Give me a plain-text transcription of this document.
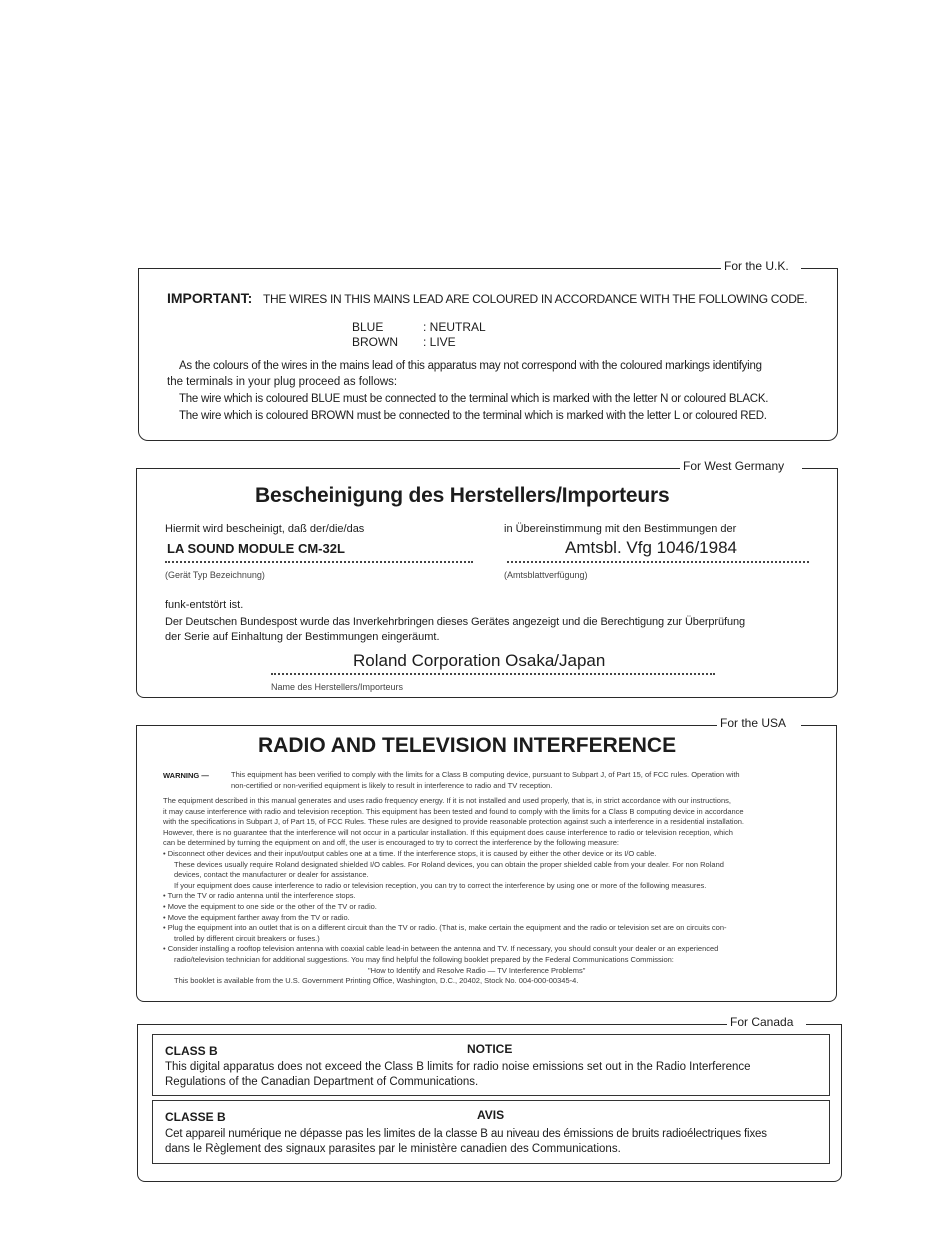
For the U.K.
IMPORTANT: THE WIRES IN THIS MAINS LEAD ARE COLOURED IN ACCORDANCE WITH THE FOLLOWING CODE.
BLUE	: NEUTRAL
BROWN : LIVE
As the colours of the wires in the mains lead of this apparatus may not correspond with the coloured markings identifying
the terminals in your plug proceed as follows:
The wire which is coloured BLUE must be connected to the terminal which is marked with the letter N or coloured BLACK.
The wire which is coloured BROWN must be connected to the terminal which is marked with the letter L or coloured RED.
For West Germany
Bescheinigung des Herstellers/Importeurs
Hiermit wird bescheinigt, daß der/die/das
LA SOUND MODULE CM-32L
(Gerät Typ Bezeichnung)
in Übereinstimmung mit den Bestimmungen der
Amtsbl. Vfg 1046/1984
(Amtsblattverfügung)
funk-entstört ist.
Der Deutschen Bundespost wurde das Inverkehrbringen dieses Gerätes angezeigt und die Berechtigung zur Überprüfung
der Serie auf Einhaltung der Bestimmungen eingeräumt.
Roland Corporation Osaka/Japan
Name des Herstellers/Importeurs
For the USA
RADIO AND TELEVISION INTERFERENCE
WARNING —	This equipment has been verified to comply with the limits for a Class B computing device, pursuant to Subpart J, of Part 15, of FCC rules. Operation with

non-certified or non-verified equipment is likely to result in interference to radio and TV reception.

The equipment described in this manual generates and uses radio frequency energy. If it is not installed and used properly, that is, in strict accordance with our instructions,

it may cause interference with radio and television reception. This equipment has been tested and found to comply with the limits for a Class B computing device in accordance

with the specifications in Subpart J, of Part 15, of FCC Rules. These rules are designed to provide reasonable protection against such a interference in a residential installation.

However, there is no guarantee that the interference will not occur in a particular installation. If this equipment does cause interference to radio or television reception, which

can be determined by turning the equipment on and off, the user is encouraged to try to correct the interference by the following measure:

• Disconnect other devices and their input/output cables one at a time. If the interference stops, it is caused by either the other device or its I/O cable.

These devices usually require Roland designated shielded I/O cables. For Roland devices, you can obtain the proper shielded cable from your dealer. For non Roland

devices, contact the manufacturer or dealer for assistance.

If your equipment does cause interference to radio or television reception, you can try to correct the interference by using one or more of the following measures.

• Turn the TV or radio antenna until the interference stops.

• Move the equipment to one side or the other of the TV or radio.

• Move the equipment farther away from the TV or radio.

• Plug the equipment into an outlet that is on a different circuit than the TV or radio. (That is, make certain the equipment and the radio or television set are on circuits con-

trolled by different circuit breakers or fuses.)

• Consider installing a rooftop television antenna with coaxial cable lead-in between the antenna and TV. If necessary, you should consult your dealer or an experienced

radio/television technician for additional suggestions. You may find helpful the following booklet prepared by the Federal Communications Commission:

"How to Identify and Resolve Radio — TV Interference Problems"

This booklet is available from the U.S. Government Printing Office, Washington, D.C., 20402, Stock No. 004-000-00345-4.

For Canada
CLASS B	NOTICE
This digital apparatus does not exceed the Class B limits for radio noise emissions set out in the Radio Interference
Regulations of the Canadian Department of Communications.
CLASSE B	AVIS
Cet appareil numérique ne dépasse pas les limites de la classe B au niveau des émissions de bruits radioélectriques fixes
dans le Règlement des signaux parasites par le ministère canadien des Communications.
